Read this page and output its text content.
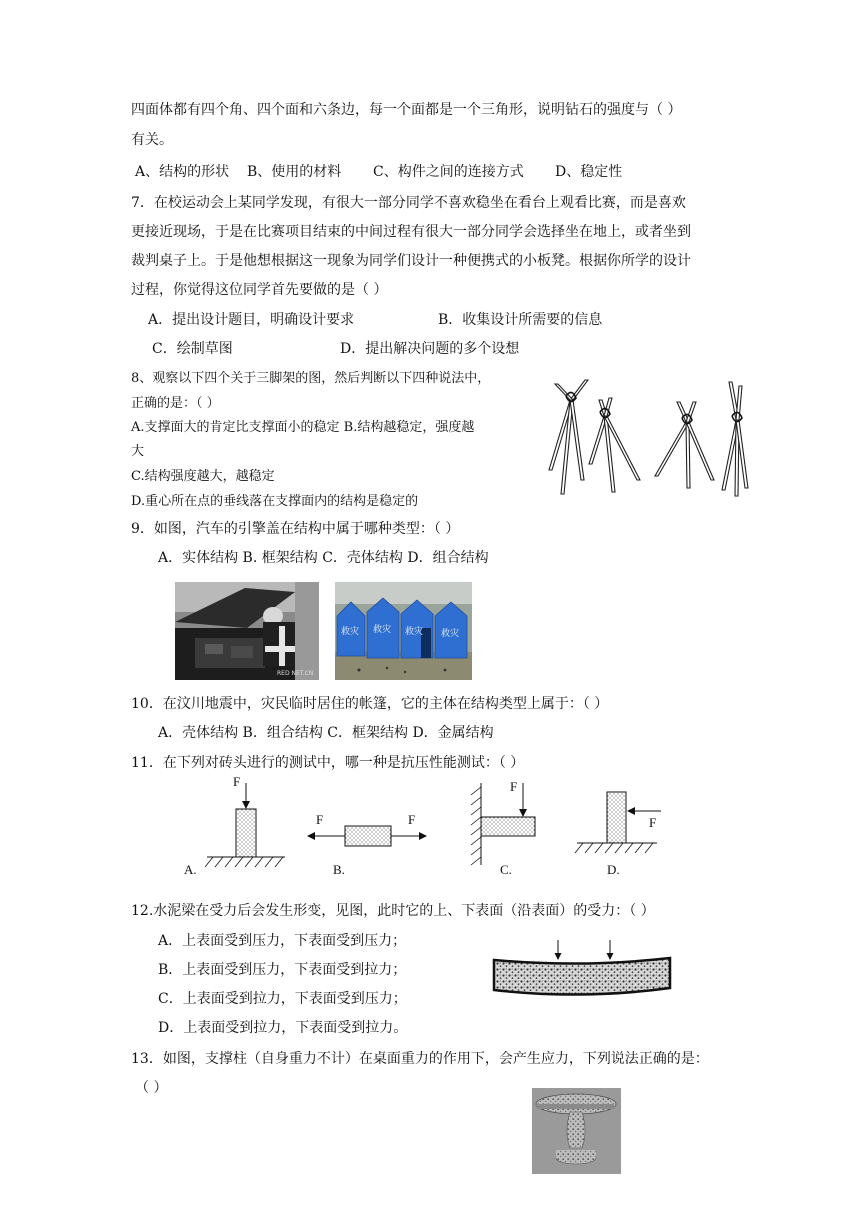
四面体都有四个角、四个面和六条边，每一个面都是一个三角形，说明钻石的强度与（ ）
有关。
A、结构的形状 B、使用的材料 C、构件之间的连接方式 D、稳定性
7．在校运动会上某同学发现，有很大一部分同学不喜欢稳坐在看台上观看比赛，而是喜欢
更接近现场，于是在比赛项目结束的中间过程有很大一部分同学会选择坐在地上，或者坐到
裁判桌子上。于是他想根据这一现象为同学们设计一种便携式的小板凳。根据你所学的设计
过程，你觉得这位同学首先要做的是（ ）
A．提出设计题目，明确设计要求	B．收集设计所需要的信息
C．绘制草图	D．提出解决问题的多个设想
8、观察以下四个关于三脚架的图，然后判断以下四种说法中，
正确的是：（ ）
A.支撑面大的肯定比支撑面小的稳定 B.结构越稳定，强度越
大
C.结构强度越大，越稳定
D.重心所在点的垂线落在支撑面内的结构是稳定的
9．如图，汽车的引擎盖在结构中属于哪种类型：（ ）
A．实体结构 B. 框架结构 C．壳体结构 D．组合结构
RED NET.CN
救灾 救灾 救灾 救灾
10．在汶川地震中，灾民临时居住的帐篷，它的主体在结构类型上属于：（ ）
A．壳体结构 B．组合结构 C．框架结构 D．金属结构
11．在下列对砖头进行的测试中，哪一种是抗压性能测试：（ ）
F
F	F
F
F
A.	B.	C.	D.
12.水泥梁在受力后会发生形变，见图，此时它的上、下表面（沿表面）的受力：（ ）
A．上表面受到压力，下表面受到压力；
B．上表面受到压力，下表面受到拉力；
C．上表面受到拉力，下表面受到压力；
D．上表面受到拉力，下表面受到拉力。
13．如图，支撑柱（自身重力不计）在桌面重力的作用下，会产生应力，下列说法正确的是：
（ ）
